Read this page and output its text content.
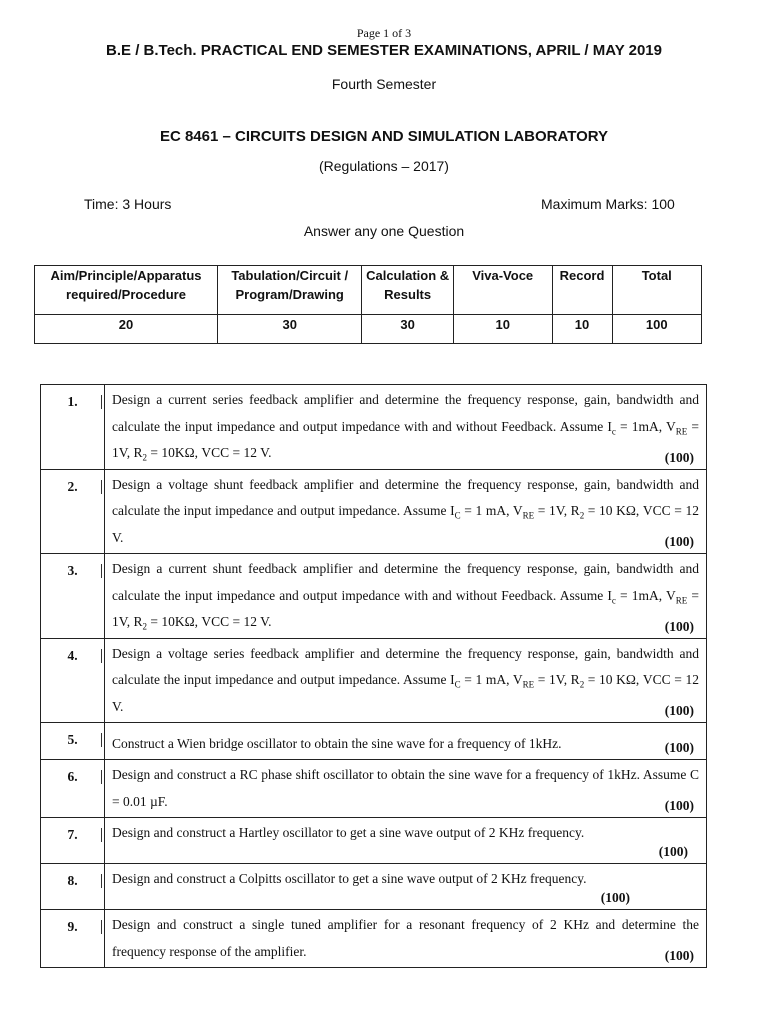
Page 1 of 3
B.E / B.Tech. PRACTICAL END SEMESTER EXAMINATIONS, APRIL / MAY 2019
Fourth Semester
EC 8461 – CIRCUITS DESIGN AND SIMULATION LABORATORY
(Regulations – 2017)
Time: 3 Hours	Maximum Marks: 100
Answer any one Question
Aim/Principle/Apparatus required/Procedure	Tabulation/Circuit / Program/Drawing	Calculation & Results	Viva-Voce	Record	Total
20	30	30	10	10	100
1.	Design a current series feedback amplifier and determine the frequency response, gain, bandwidth and calculate the input impedance and output impedance with and without Feedback. Assume $I_c = 1mA$, $V_{RE} = 1V$, $R_2 = 10K\Omega$, VCC = 12 V. (100)

2.	Design a voltage shunt feedback amplifier and determine the frequency response, gain, bandwidth and calculate the input impedance and output impedance. Assume $I_C = 1$ mA, $V_{RE} = 1V$, $R_2 = 10$ KΩ, VCC = 12 V. (100)

3.	Design a current shunt feedback amplifier and determine the frequency response, gain, bandwidth and calculate the input impedance and output impedance with and without Feedback. Assume $I_c = 1mA$, $V_{RE} = 1V$, $R_2 = 10K\Omega$, VCC = 12 V. (100)

4.	Design a voltage series feedback amplifier and determine the frequency response, gain, bandwidth and calculate the input impedance and output impedance. Assume $I_C = 1$ mA, $V_{RE} = 1V$, $R_2 = 10$ KΩ, VCC = 12 V. (100)

5.	Construct a Wien bridge oscillator to obtain the sine wave for a frequency of 1kHz. (100)

6.	Design and construct a RC phase shift oscillator to obtain the sine wave for a frequency of 1kHz. Assume C = 0.01 µF. (100)

7.	Design and construct a Hartley oscillator to get a sine wave output of 2 KHz frequency.
(100)

8.	Design and construct a Colpitts oscillator to get a sine wave output of 2 KHz frequency.
(100)

9.	Design and construct a single tuned amplifier for a resonant frequency of 2 KHz and determine the frequency response of the amplifier. (100)
